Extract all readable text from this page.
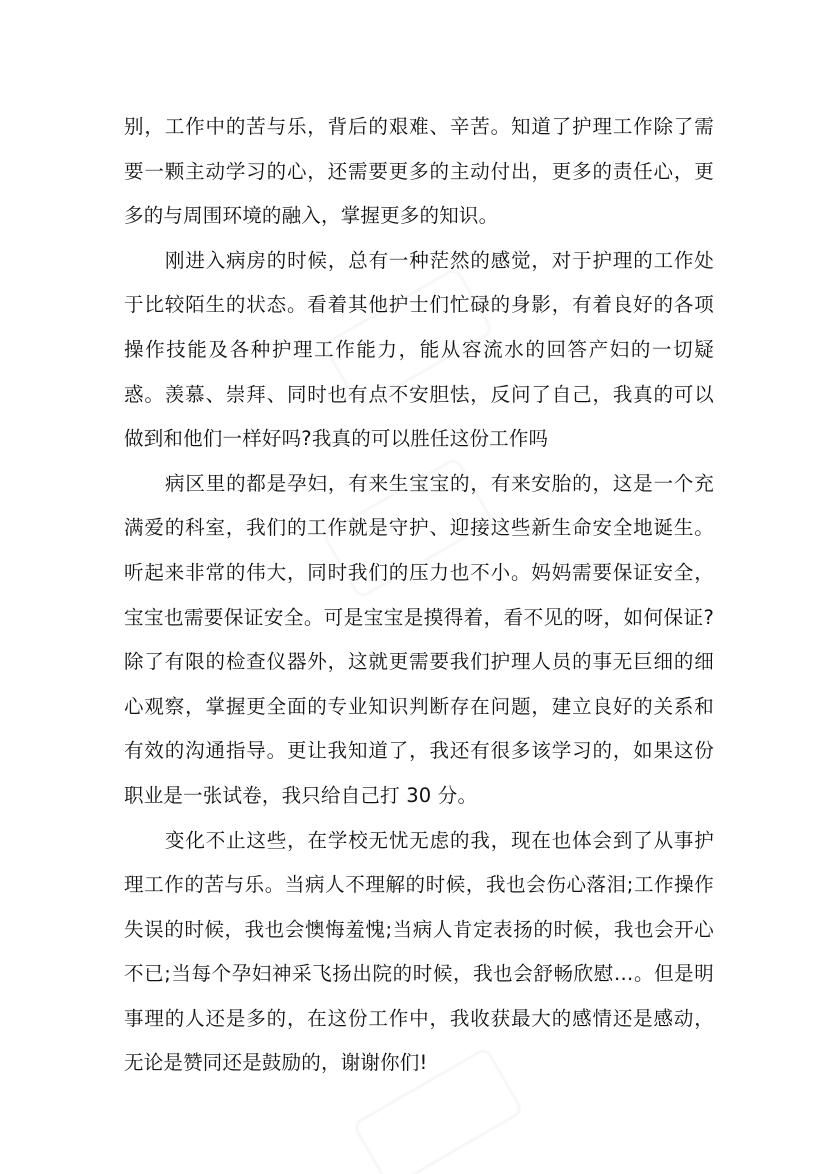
别，工作中的苦与乐，背后的艰难、辛苦。知道了护理工作除了需要一颗主动学习的心，还需要更多的主动付出，更多的责任心，更多的与周围环境的融入，掌握更多的知识。

刚进入病房的时候，总有一种茫然的感觉，对于护理的工作处于比较陌生的状态。看着其他护士们忙碌的身影，有着良好的各项操作技能及各种护理工作能力，能从容流水的回答产妇的一切疑惑。羡慕、崇拜、同时也有点不安胆怯，反问了自己，我真的可以做到和他们一样好吗?我真的可以胜任这份工作吗

病区里的都是孕妇，有来生宝宝的，有来安胎的，这是一个充满爱的科室，我们的工作就是守护、迎接这些新生命安全地诞生。听起来非常的伟大，同时我们的压力也不小。妈妈需要保证安全，宝宝也需要保证安全。可是宝宝是摸得着，看不见的呀，如何保证?除了有限的检查仪器外，这就更需要我们护理人员的事无巨细的细心观察，掌握更全面的专业知识判断存在问题，建立良好的关系和有效的沟通指导。更让我知道了，我还有很多该学习的，如果这份职业是一张试卷，我只给自己打 30 分。

变化不止这些，在学校无忧无虑的我，现在也体会到了从事护理工作的苦与乐。当病人不理解的时候，我也会伤心落泪;工作操作失误的时候，我也会懊悔羞愧;当病人肯定表扬的时候，我也会开心不已;当每个孕妇神采飞扬出院的时候，我也会舒畅欣慰…。但是明事理的人还是多的，在这份工作中，我收获最大的感情还是感动，无论是赞同还是鼓励的，谢谢你们!
